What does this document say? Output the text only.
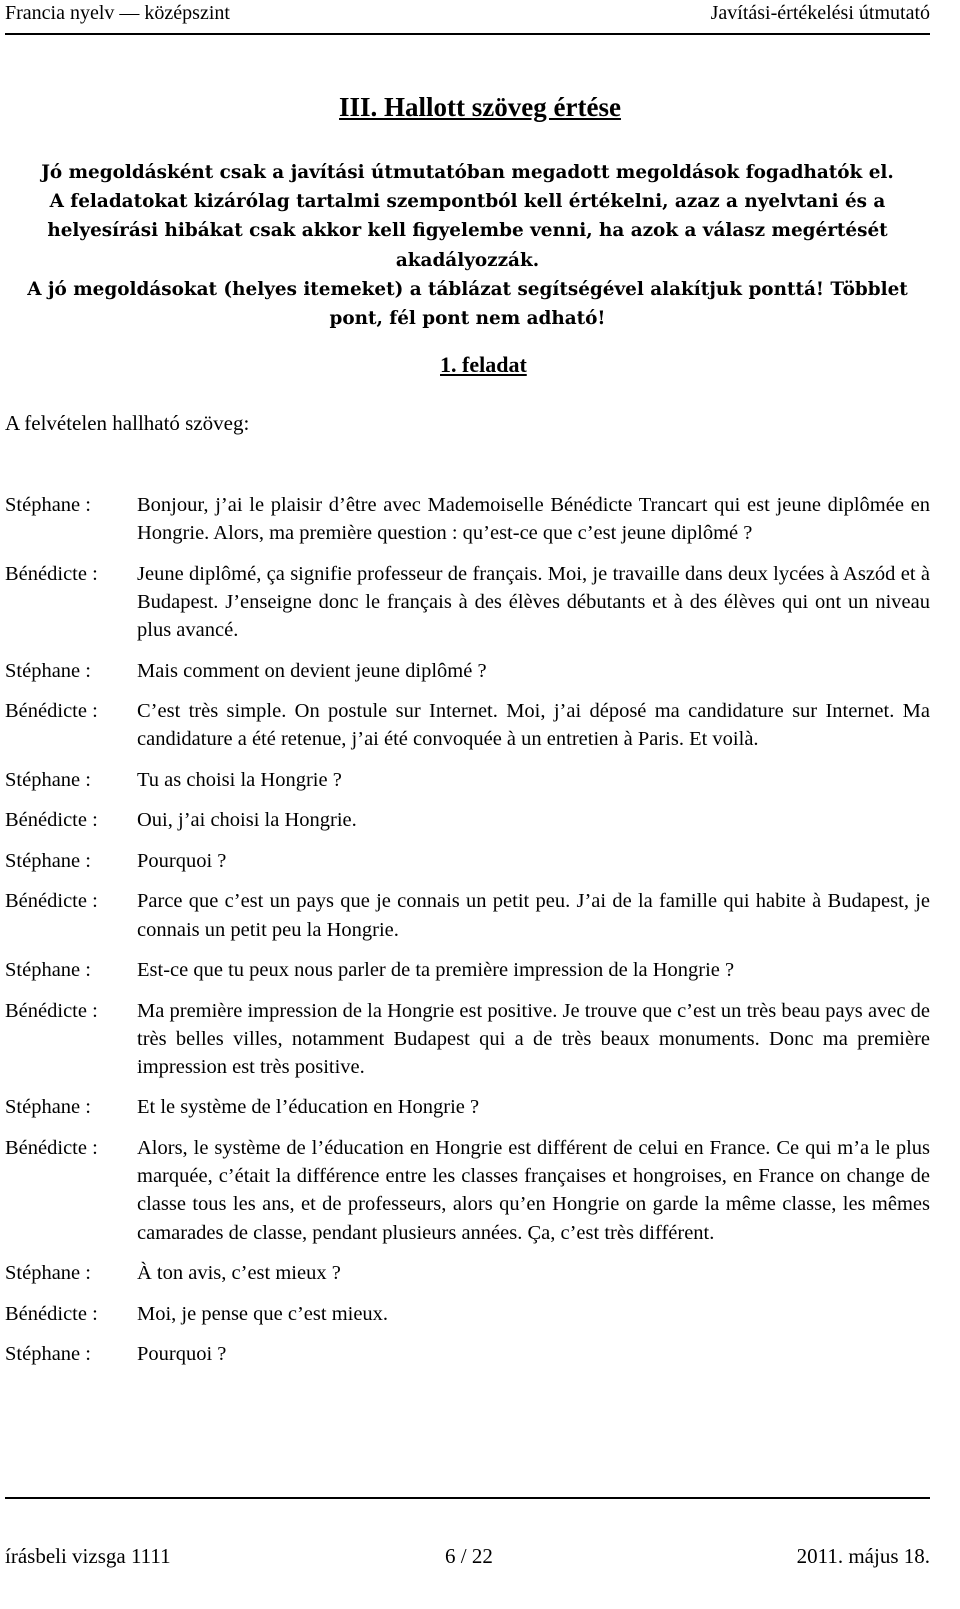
Francia nyelv — középszint	Javítási-értékelési útmutató
III. Hallott szöveg értése

Jó megoldásként csak a javítási útmutatóban megadott megoldások fogadhatók el.

A feladatokat kizárólag tartalmi szempontból kell értékelni, azaz a nyelvtani és a helyesírási hibákat csak akkor kell figyelembe venni, ha azok a válasz megértését akadályozzák.

A jó megoldásokat (helyes itemeket) a táblázat segítségével alakítjuk ponttá! Többlet pont, fél pont nem adható!

1. feladat
A felvételen hallható szöveg:
Stéphane :	Bonjour, j’ai le plaisir d’être avec Mademoiselle Bénédicte Trancart qui est jeune diplômée en Hongrie. Alors, ma première question : qu’est-ce que c’est jeune diplômé ?
Bénédicte :	Jeune diplômé, ça signifie professeur de français. Moi, je travaille dans deux lycées à Aszód et à Budapest. J’enseigne donc le français à des élèves débutants et à des élèves qui ont un niveau plus avancé.
Stéphane :	Mais comment on devient jeune diplômé ?
Bénédicte :	C’est très simple. On postule sur Internet. Moi, j’ai déposé ma candidature sur Internet. Ma candidature a été retenue, j’ai été convoquée à un entretien à Paris. Et voilà.
Stéphane :	Tu as choisi la Hongrie ?
Bénédicte :	Oui, j’ai choisi la Hongrie.
Stéphane :	Pourquoi ?
Bénédicte :	Parce que c’est un pays que je connais un petit peu. J’ai de la famille qui habite à Budapest, je connais un petit peu la Hongrie.
Stéphane :	Est-ce que tu peux nous parler de ta première impression de la Hongrie ?
Bénédicte :	Ma première impression de la Hongrie est positive. Je trouve que c’est un très beau pays avec de très belles villes, notamment Budapest qui a de très beaux monuments. Donc ma première impression est très positive.
Stéphane :	Et le système de l’éducation en Hongrie ?
Bénédicte :	Alors, le système de l’éducation en Hongrie est différent de celui en France. Ce qui m’a le plus marquée, c’était la différence entre les classes françaises et hongroises, en France on change de classe tous les ans, et de professeurs, alors qu’en Hongrie on garde la même classe, les mêmes camarades de classe, pendant plusieurs années. Ça, c’est très différent.
Stéphane :	À ton avis, c’est mieux ?
Bénédicte :	Moi, je pense que c’est mieux.
Stéphane :	Pourquoi ?
írásbeli vizsga 1111	6 / 22	2011. május 18.
